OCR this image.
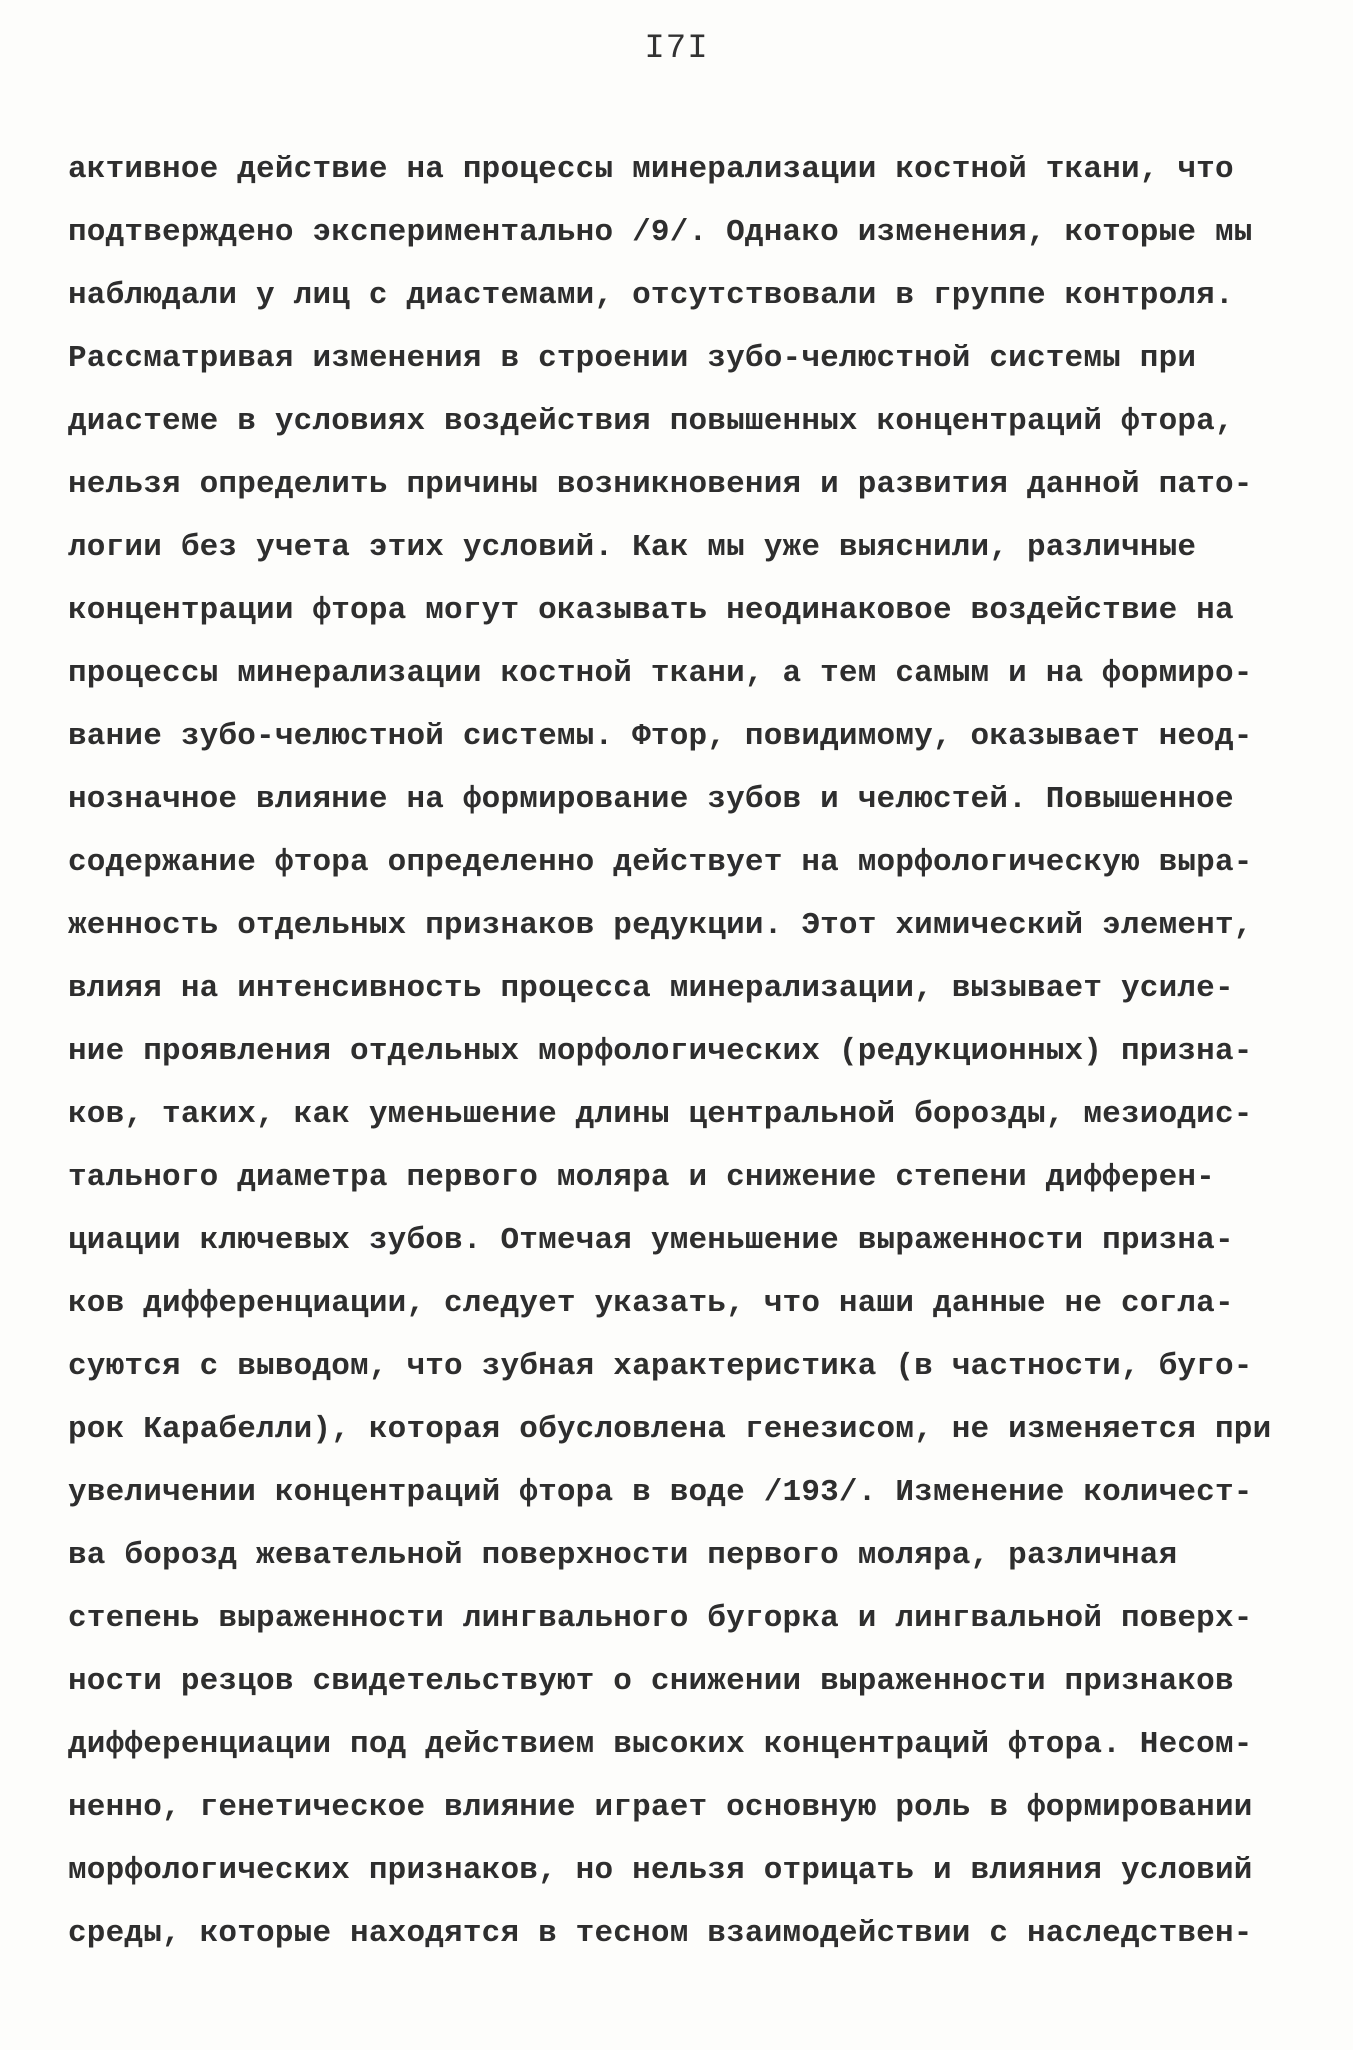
I7I
активное действие на процессы минерализации костной ткани, что
подтверждено экспериментально /9/. Однако изменения, которые мы
наблюдали у лиц с диастемами, отсутствовали в группе контроля.
Рассматривая изменения в строении зубо-челюстной системы при
диастеме в условиях воздействия повышенных концентраций фтора,
нельзя определить причины возникновения и развития данной пато-
логии без учета этих условий. Как мы уже выяснили, различные
концентрации фтора могут оказывать неодинаковое воздействие на
процессы минерализации костной ткани, а тем самым и на формиро-
вание зубо-челюстной системы. Фтор, повидимому, оказывает неод-
нозначное влияние на формирование зубов и челюстей. Повышенное
содержание фтора определенно действует на морфологическую выра-
женность отдельных признаков редукции. Этот химический элемент,
влияя на интенсивность процесса минерализации, вызывает усиле-
ние проявления отдельных морфологических (редукционных) призна-
ков, таких, как уменьшение длины центральной борозды, мезиодис-
тального диаметра первого моляра и снижение степени дифферен-
циации ключевых зубов. Отмечая уменьшение выраженности призна-
ков дифференциации, следует указать, что наши данные не согла-
суются с выводом, что зубная характеристика (в частности, буго-
рок Карабелли), которая обусловлена генезисом, не изменяется при
увеличении концентраций фтора в воде /193/. Изменение количест-
ва борозд жевательной поверхности первого моляра, различная
степень выраженности лингвального бугорка и лингвальной поверх-
ности резцов свидетельствуют о снижении выраженности признаков
дифференциации под действием высоких концентраций фтора. Несом-
ненно, генетическое влияние играет основную роль в формировании
морфологических признаков, но нельзя отрицать и влияния условий
среды, которые находятся в тесном взаимодействии с наследствен-
